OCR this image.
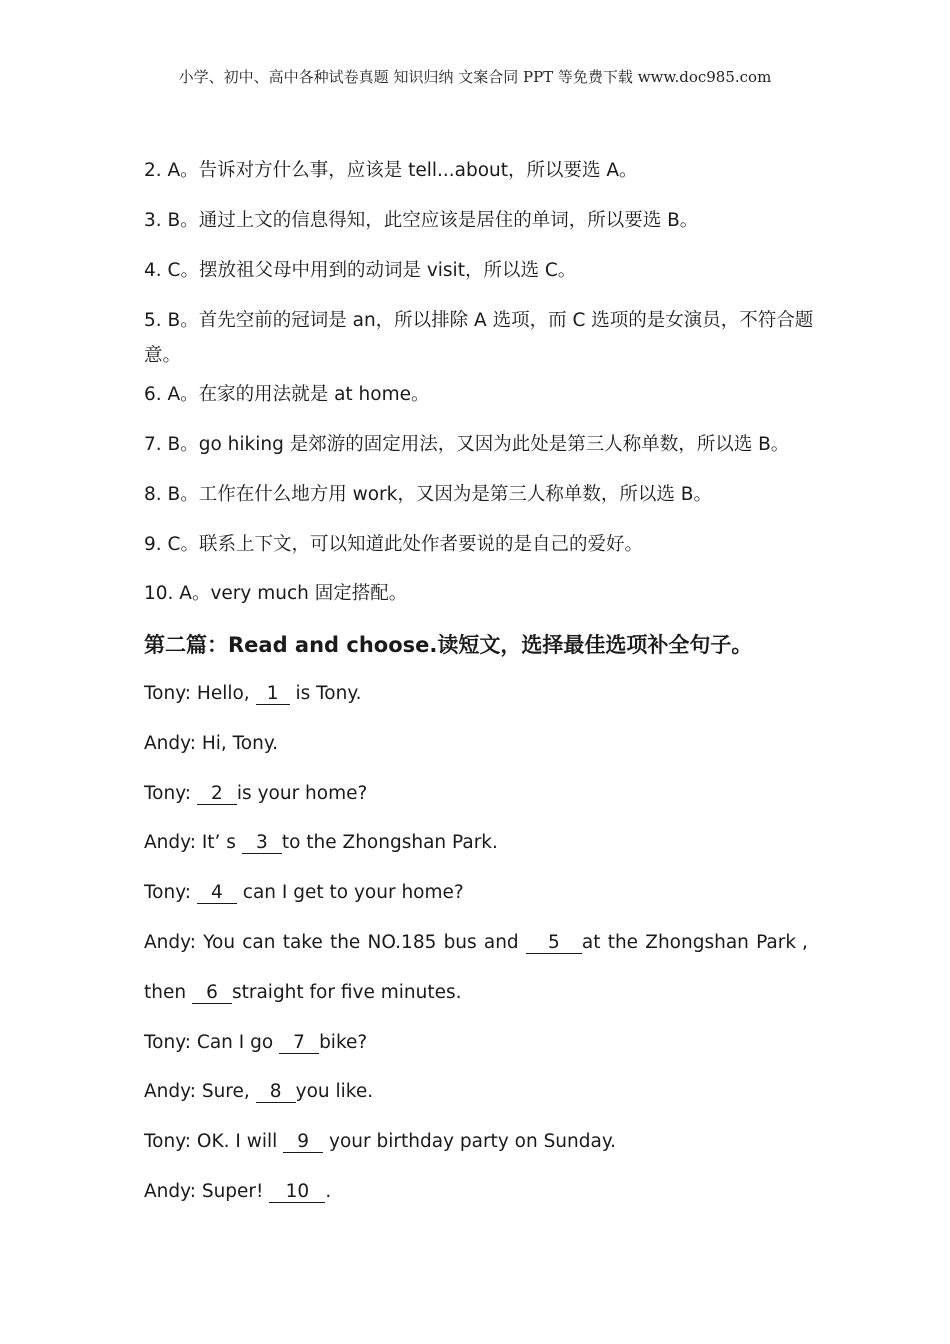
小学、初中、高中各种试卷真题 知识归纳 文案合同 PPT 等免费下载 www.doc985.com
2. A。告诉对方什么事，应该是 tell...about，所以要选 A。
3. B。通过上文的信息得知，此空应该是居住的单词，所以要选 B。
4. C。摆放祖父母中用到的动词是 visit，所以选 C。
5. B。首先空前的冠词是 an，所以排除 A 选项，而 C 选项的是女演员，不符合题意。
6. A。在家的用法就是 at home。
7. B。go hiking 是郊游的固定用法，又因为此处是第三人称单数，所以选 B。
8. B。工作在什么地方用 work，又因为是第三人称单数，所以选 B。
9. C。联系上下文，可以知道此处作者要说的是自己的爱好。
10. A。very much 固定搭配。
第二篇：Read and choose.读短文，选择最佳选项补全句子。
Tony: Hello, 1 is Tony.
Andy: Hi, Tony.
Tony: 2 is your home?
Andy: It’ s 3 to the Zhongshan Park.
Tony: 4 can I get to your home?
Andy: You can take the NO.185 bus and	5 at the Zhongshan Park ,
then 6 straight for five minutes.
Tony: Can I go 7 bike?
Andy: Sure, 8 you like.
Tony: OK. I will 9 your birthday party on Sunday.
Andy: Super! 10 .
